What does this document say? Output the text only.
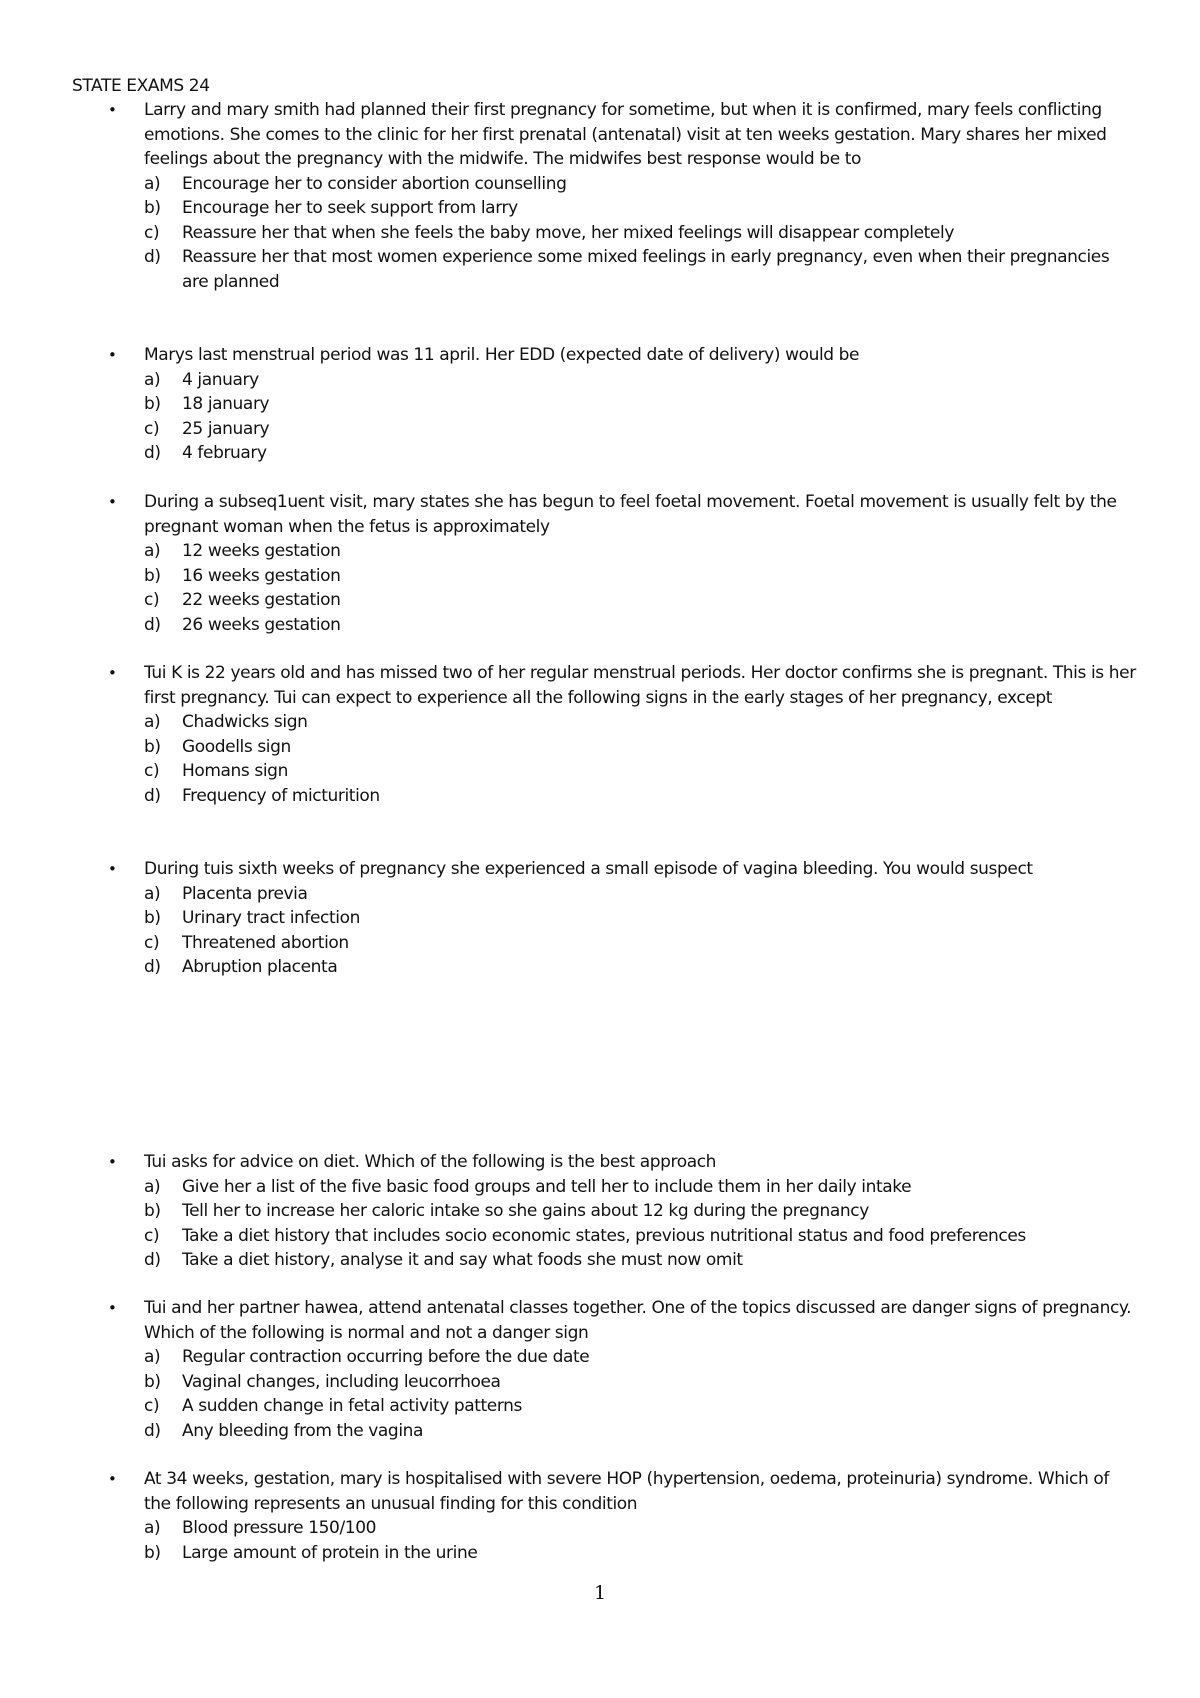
STATE EXAMS 24
•	Larry and mary smith had planned their first pregnancy for sometime, but when it is confirmed, mary feels conflicting emotions. She comes to the clinic for her first prenatal (antenatal) visit at ten weeks gestation. Mary shares her mixed feelings about the pregnancy with the midwife. The midwifes best response would be to
a)	Encourage her to consider abortion counselling
b)	Encourage her to seek support from larry
c)	Reassure her that when she feels the baby move, her mixed feelings will disappear completely
d)	Reassure her that most women experience some mixed feelings in early pregnancy, even when their pregnancies are planned
•	Marys last menstrual period was 11 april. Her EDD (expected date of delivery) would be
a)	4 january
b)	18 january
c)	25 january
d)	4 february
•	During a subseq1uent visit, mary states she has begun to feel foetal movement. Foetal movement is usually felt by the pregnant woman when the fetus is approximately
a)	12 weeks gestation
b)	16 weeks gestation
c)	22 weeks gestation
d)	26 weeks gestation
•	Tui K is 22 years old and has missed two of her regular menstrual periods. Her doctor confirms she is pregnant. This is her first pregnancy. Tui can expect to experience all the following signs in the early stages of her pregnancy, except
a)	Chadwicks sign
b)	Goodells sign
c)	Homans sign
d)	Frequency of micturition
•	During tuis sixth weeks of pregnancy she experienced a small episode of vagina bleeding. You would suspect
a)	Placenta previa
b)	Urinary tract infection
c)	Threatened abortion
d)	Abruption placenta
•	Tui asks for advice on diet. Which of the following is the best approach
a)	Give her a list of the five basic food groups and tell her to include them in her daily intake
b)	Tell her to increase her caloric intake so she gains about 12 kg during the pregnancy
c)	Take a diet history that includes socio economic states, previous nutritional status and food preferences
d)	Take a diet history, analyse it and say what foods she must now omit
•	Tui and her partner hawea, attend antenatal classes together. One of the topics discussed are danger signs of pregnancy. Which of the following is normal and not a danger sign
a)	Regular contraction occurring before the due date
b)	Vaginal changes, including leucorrhoea
c)	A sudden change in fetal activity patterns
d)	Any bleeding from the vagina
•	At 34 weeks, gestation, mary is hospitalised with severe HOP (hypertension, oedema, proteinuria) syndrome. Which of the following represents an unusual finding for this condition
a)	Blood pressure 150/100
b)	Large amount of protein in the urine
1
